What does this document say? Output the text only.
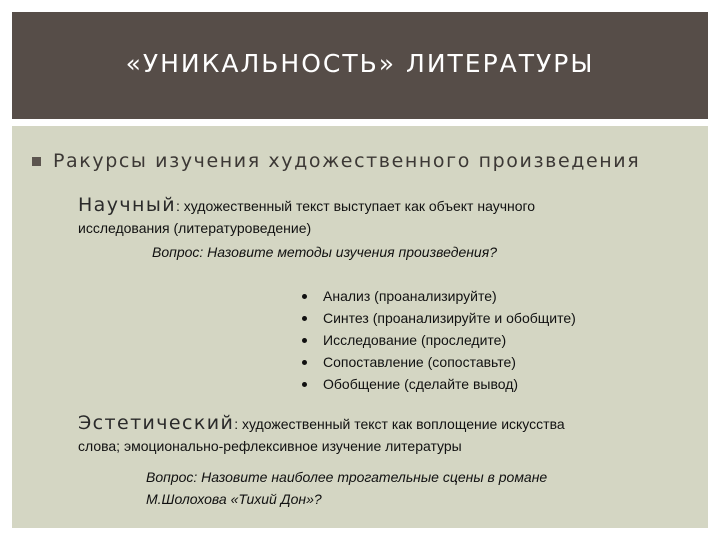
«УНИКАЛЬНОСТЬ» ЛИТЕРАТУРЫ
Ракурсы изучения художественного произведения
Научный: художественный текст выступает как объект научного
исследования (литературоведение)
Вопрос: Назовите методы изучения произведения?
Анализ (проанализируйте)
Синтез (проанализируйте и обобщите)
Исследование (проследите)
Сопоставление (сопоставьте)
Обобщение (сделайте вывод)
Эстетический: художественный текст как воплощение искусства
слова; эмоционально-рефлексивное изучение литературы
Вопрос: Назовите наиболее трогательные сцены в романе
М.Шолохова «Тихий Дон»?
